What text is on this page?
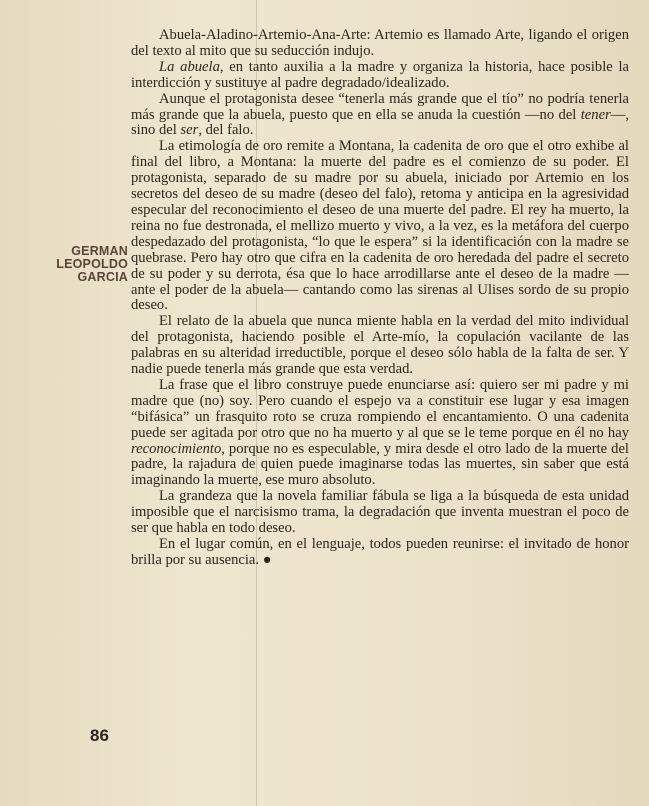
GERMAN
LEOPOLDO
GARCIA

Abuela-Aladino-Artemio-Ana-Arte: Artemio es llamado Arte, ligando el origen del texto al mito que su seducción indujo.

La abuela, en tanto auxilia a la madre y organiza la historia, hace posible la interdicción y sustituye al padre degradado/idealizado.

Aunque el protagonista desee “tenerla más grande que el tío” no podría tenerla más grande que la abuela, puesto que en ella se anuda la cuestión —no del tener—, sino del ser, del falo.

La etimología de oro remite a Montana, la cadenita de oro que el otro exhibe al final del libro, a Montana: la muerte del padre es el comienzo de su poder. El protagonista, separado de su madre por su abuela, iniciado por Artemio en los secretos del deseo de su madre (deseo del falo), retoma y anticipa en la agresividad especular del reconocimiento el deseo de una muerte del padre. El rey ha muerto, la reina no fue destronada, el mellizo muerto y vivo, a la vez, es la metáfora del cuerpo despedazado del protagonista, “lo que le espera” si la identificación con la madre se quebrase. Pero hay otro que cifra en la cadenita de oro heredada del padre el secreto de su poder y su derrota, ésa que lo hace arrodillarse ante el deseo de la madre —ante el poder de la abuela— cantando como las sirenas al Ulises sordo de su propio deseo.

El relato de la abuela que nunca miente habla en la verdad del mito individual del protagonista, haciendo posible el Arte-mío, la copulación vacilante de las palabras en su alteridad irreductible, porque el deseo sólo habla de la falta de ser. Y nadie puede tenerla más grande que esta verdad.

La frase que el libro construye puede enunciarse así: quiero ser mi padre y mi madre que (no) soy. Pero cuando el espejo va a constituir ese lugar y esa imagen “bifásica” un frasquito roto se cruza rompiendo el encantamiento. O una cadenita puede ser agitada por otro que no ha muerto y al que se le teme porque en él no hay reconocimiento, porque no es especulable, y mira desde el otro lado de la muerte del padre, la rajadura de quien puede imaginarse todas las muertes, sin saber que está imaginando la muerte, ese muro absoluto.

La grandeza que la novela familiar fábula se liga a la búsqueda de esta unidad imposible que el narcisismo trama, la degradación que inventa muestran el poco de ser que habla en todo deseo.

En el lugar común, en el lenguaje, todos pueden reunirse: el invitado de honor brilla por su ausencia. ●

86
